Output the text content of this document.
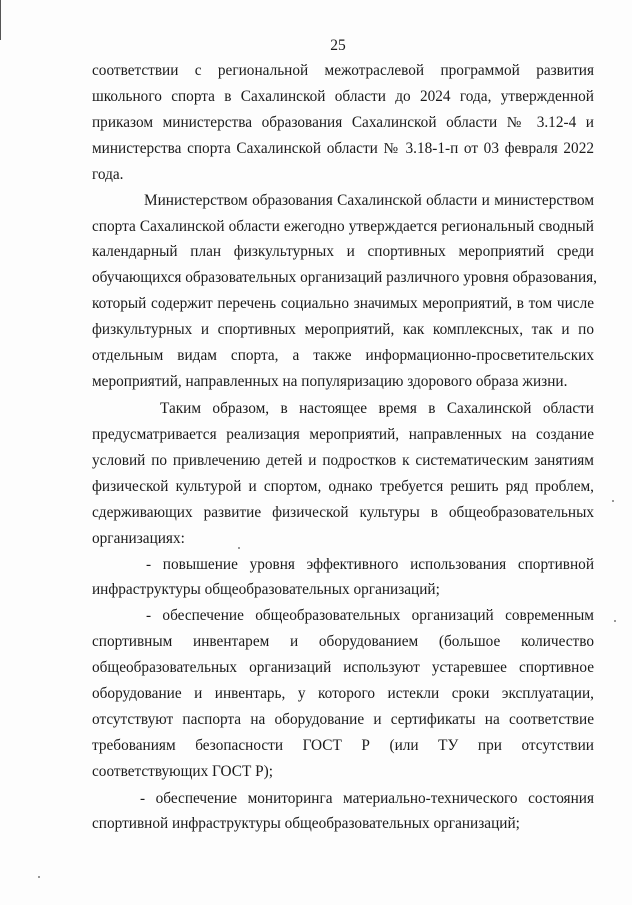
25
соответствии с региональной межотраслевой программой развития
школьного спорта в Сахалинской области до 2024 года, утвержденной
приказом министерства образования Сахалинской области № 3.12-4 и
министерства спорта Сахалинской области № 3.18-1-п от 03 февраля 2022
года.
Министерством образования Сахалинской области и министерством
спорта Сахалинской области ежегодно утверждается региональный сводный
календарный план физкультурных и спортивных мероприятий среди
обучающихся образовательных организаций различного уровня образования,
который содержит перечень социально значимых мероприятий, в том числе
физкультурных и спортивных мероприятий, как комплексных, так и по
отдельным видам спорта, а также информационно-просветительских
мероприятий, направленных на популяризацию здорового образа жизни.
Таким образом, в настоящее время в Сахалинской области
предусматривается реализация мероприятий, направленных на создание
условий по привлечению детей и подростков к систематическим занятиям
физической культурой и спортом, однако требуется решить ряд проблем,
сдерживающих развитие физической культуры в общеобразовательных
организациях:
- повышение уровня эффективного использования спортивной
инфраструктуры общеобразовательных организаций;
- обеспечение общеобразовательных организаций современным
спортивным инвентарем и оборудованием (большое количество
общеобразовательных организаций используют устаревшее спортивное
оборудование и инвентарь, у которого истекли сроки эксплуатации,
отсутствуют паспорта на оборудование и сертификаты на соответствие
требованиям безопасности ГОСТ Р (или ТУ при отсутствии
соответствующих ГОСТ Р);
- обеспечение мониторинга материально-технического состояния
спортивной инфраструктуры общеобразовательных организаций;
